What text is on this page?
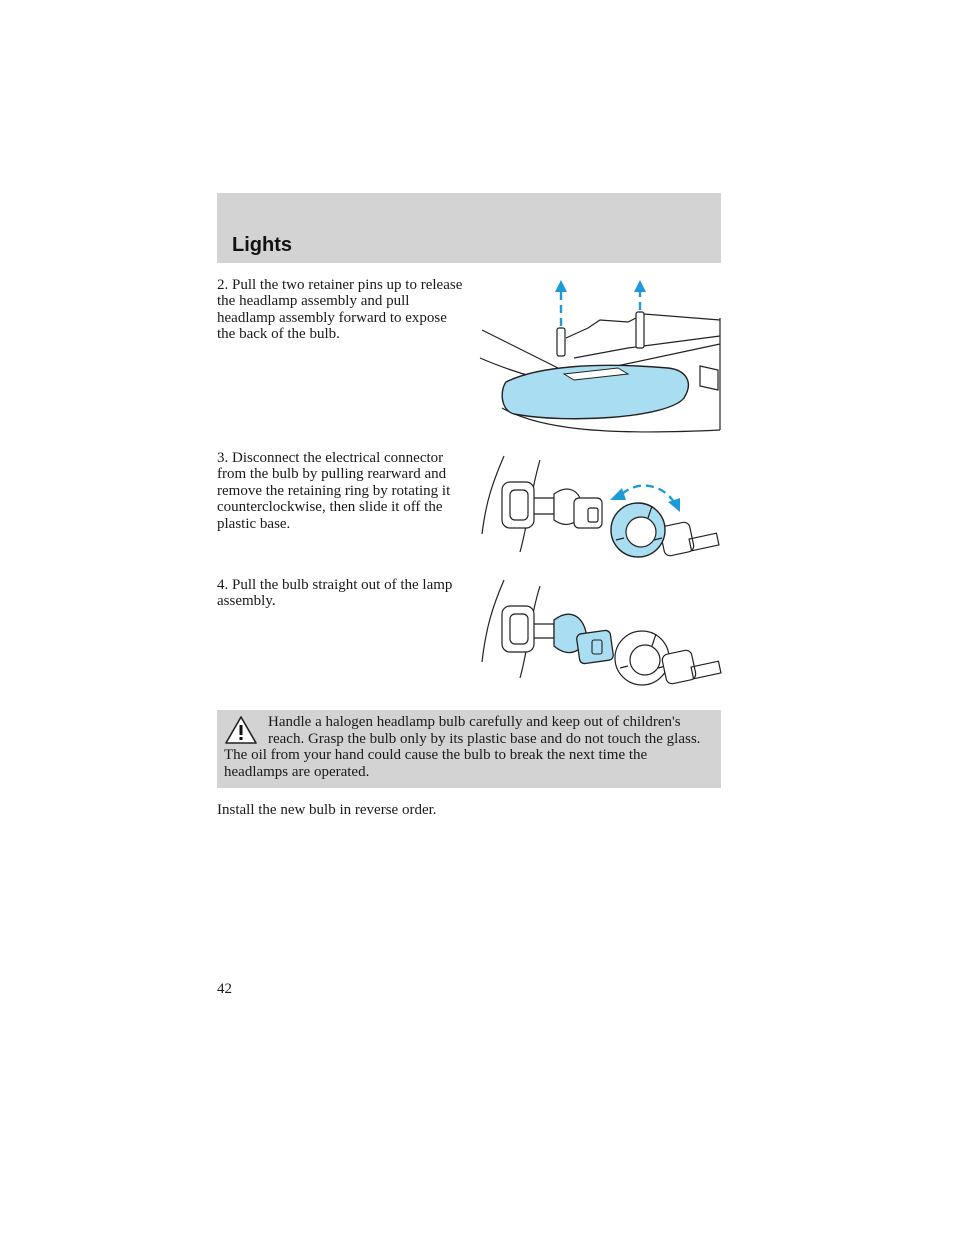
Lights

2. Pull the two retainer pins up to release the headlamp assembly and pull headlamp assembly forward to expose the back of the bulb.

3. Disconnect the electrical connector from the bulb by pulling rearward and remove the retaining ring by rotating it counterclockwise, then slide it off the plastic base.

4. Pull the bulb straight out of the lamp assembly.

Handle a halogen headlamp bulb carefully and keep out of children's reach. Grasp the bulb only by its plastic base and do not touch the glass. The oil from your hand could cause the bulb to break the next time the headlamps are operated.

Install the new bulb in reverse order.

42
